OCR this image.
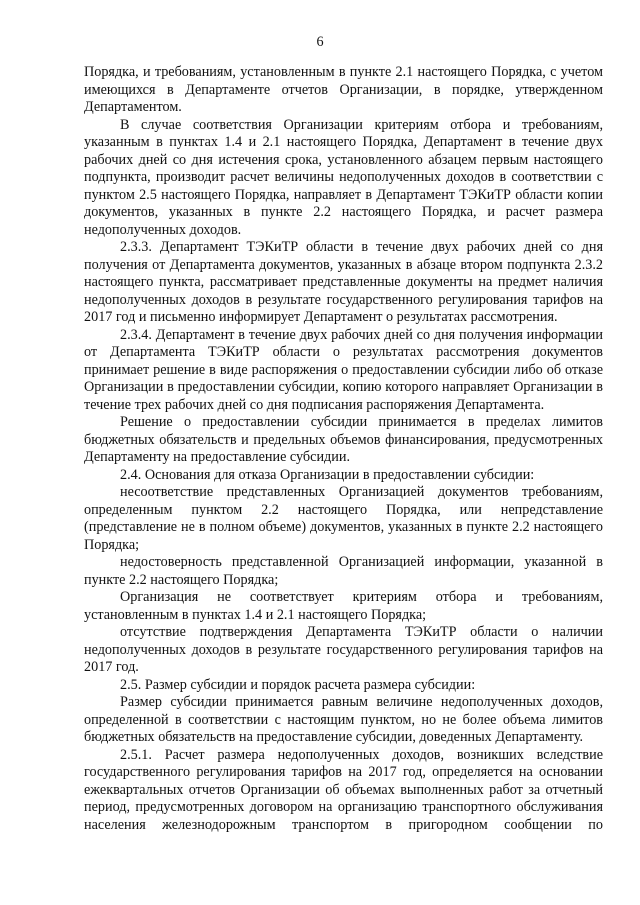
6

Порядка, и требованиям, установленным в пункте 2.1 настоящего Порядка, с учетом имеющихся в Департаменте отчетов Организации, в порядке, утвержденном Департаментом.

В случае соответствия Организации критериям отбора и требованиям, указанным в пунктах 1.4 и 2.1 настоящего Порядка, Департамент в течение двух рабочих дней со дня истечения срока, установленного абзацем первым настоящего подпункта, производит расчет величины недополученных доходов в соответствии с пунктом 2.5 настоящего Порядка, направляет в Департамент ТЭКиТР области копии документов, указанных в пункте 2.2 настоящего Порядка, и расчет размера недополученных доходов.

2.3.3. Департамент ТЭКиТР области в течение двух рабочих дней со дня получения от Департамента документов, указанных в абзаце втором подпункта 2.3.2 настоящего пункта, рассматривает представленные документы на предмет наличия недополученных доходов в результате государственного регулирования тарифов на 2017 год и письменно информирует Департамент о результатах рассмотрения.

2.3.4. Департамент в течение двух рабочих дней со дня получения информации от Департамента ТЭКиТР области о результатах рассмотрения документов принимает решение в виде распоряжения о предоставлении субсидии либо об отказе Организации в предоставлении субсидии, копию которого направляет Организации в течение трех рабочих дней со дня подписания распоряжения Департамента.

Решение о предоставлении субсидии принимается в пределах лимитов бюджетных обязательств и предельных объемов финансирования, предусмотренных Департаменту на предоставление субсидии.

2.4. Основания для отказа Организации в предоставлении субсидии:

несоответствие представленных Организацией документов требованиям, определенным пунктом 2.2 настоящего Порядка, или непредставление (представление не в полном объеме) документов, указанных в пункте 2.2 настоящего Порядка;

недостоверность представленной Организацией информации, указанной в пункте 2.2 настоящего Порядка;

Организация не соответствует критериям отбора и требованиям, установленным в пунктах 1.4 и 2.1 настоящего Порядка;

отсутствие подтверждения Департамента ТЭКиТР области о наличии недополученных доходов в результате государственного регулирования тарифов на 2017 год.

2.5. Размер субсидии и порядок расчета размера субсидии:

Размер субсидии принимается равным величине недополученных доходов, определенной в соответствии с настоящим пунктом, но не более объема лимитов бюджетных обязательств на предоставление субсидии, доведенных Департаменту.

2.5.1. Расчет размера недополученных доходов, возникших вследствие государственного регулирования тарифов на 2017 год, определяется на основании ежеквартальных отчетов Организации об объемах выполненных работ за отчетный период, предусмотренных договором на организацию транспортного обслуживания населения железнодорожным транспортом в пригородном сообщении по
